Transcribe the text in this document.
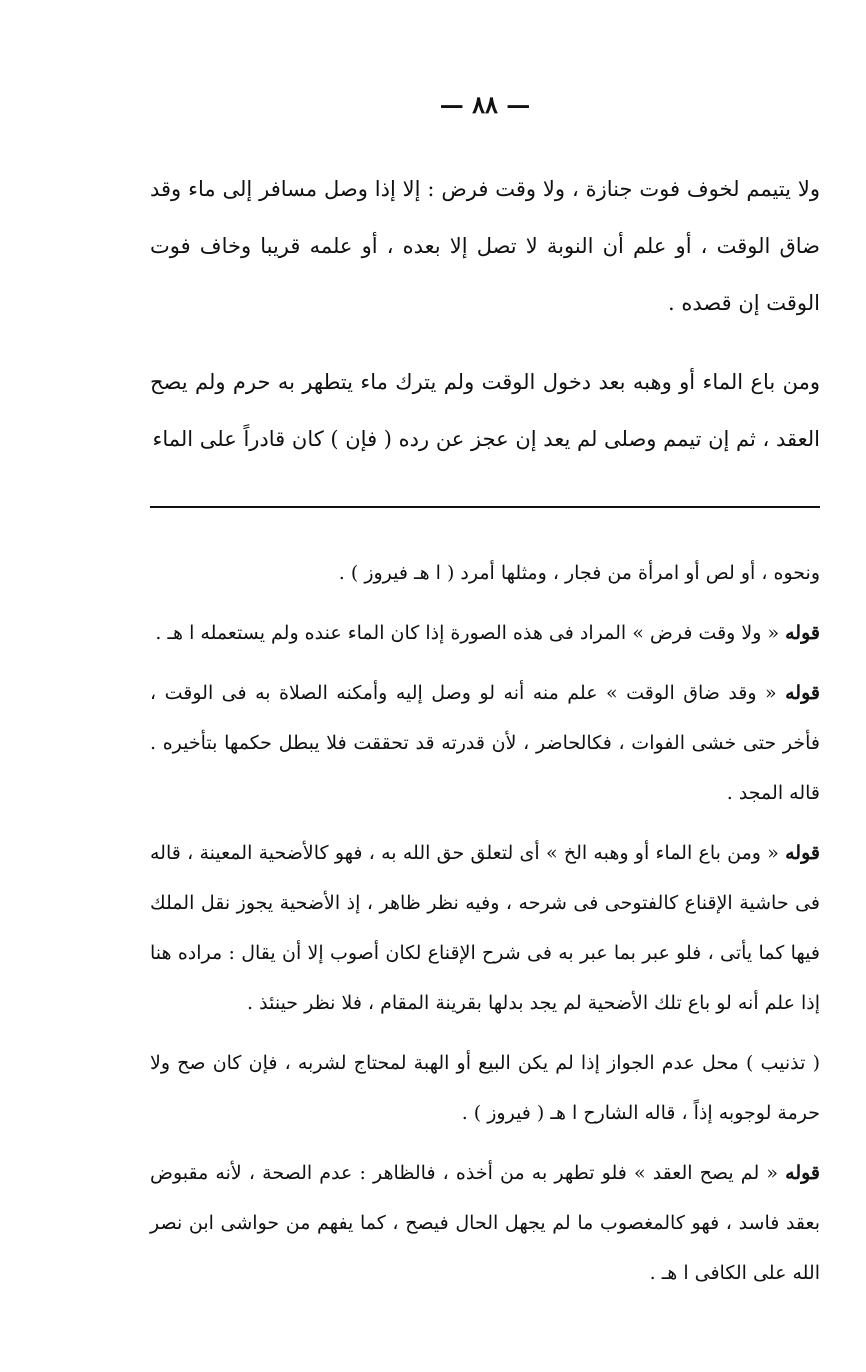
— ٨٨ —

ولا يتيمم لخوف فوت جنازة ، ولا وقت فرض : إلا إذا وصل مسافر إلى ماء وقد ضاق الوقت ، أو علم أن النوبة لا تصل إلا بعده ، أو علمه قريبا وخاف فوت الوقت إن قصده .

ومن باع الماء أو وهبه بعد دخول الوقت ولم يترك ماء يتطهر به حرم ولم يصح العقد ، ثم إن تيمم وصلى لم يعد إن عجز عن رده ( فإن ) كان قادراً على الماء

ونحوه ، أو لص أو امرأة من فجار ، ومثلها أمرد ( ا هـ فيروز ) .

قوله « ولا وقت فرض » المراد فى هذه الصورة إذا كان الماء عنده ولم يستعمله ا هـ .

قوله « وقد ضاق الوقت » علم منه أنه لو وصل إليه وأمكنه الصلاة به فى الوقت ، فأخر حتى خشى الفوات ، فكالحاضر ، لأن قدرته قد تحققت فلا يبطل حكمها بتأخيره . قاله المجد .

قوله « ومن باع الماء أو وهبه الخ » أى لتعلق حق الله به ، فهو كالأضحية المعينة ، قاله فى حاشية الإقناع كالفتوحى فى شرحه ، وفيه نظر ظاهر ، إذ الأضحية يجوز نقل الملك فيها كما يأتى ، فلو عبر بما عبر به فى شرح الإقناع لكان أصوب إلا أن يقال : مراده هنا إذا علم أنه لو باع تلك الأضحية لم يجد بدلها بقرينة المقام ، فلا نظر حينئذ .

( تذنيب ) محل عدم الجواز إذا لم يكن البيع أو الهبة لمحتاج لشربه ، فإن كان صح ولا حرمة لوجوبه إذاً ، قاله الشارح ا هـ ( فيروز ) .

قوله « لم يصح العقد » فلو تطهر به من أخذه ، فالظاهر : عدم الصحة ، لأنه مقبوض بعقد فاسد ، فهو كالمغصوب ما لم يجهل الحال فيصح ، كما يفهم من حواشى ابن نصر الله على الكافى ا هـ .
